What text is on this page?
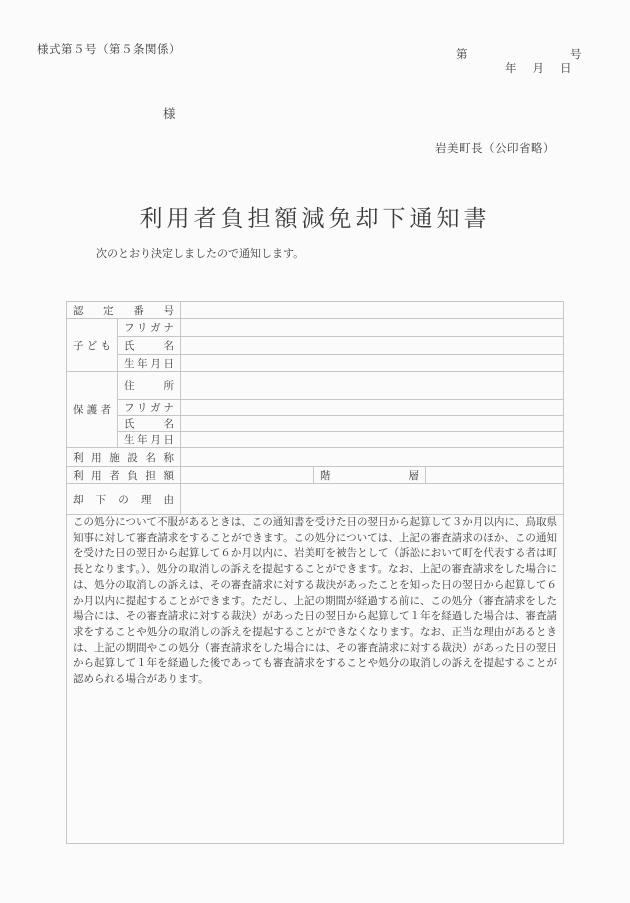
様式第５号（第５条関係）	第	号
年 月 日
様
岩美町長（公印省略）
利用者負担額減免却下通知書
次のとおり決定しましたので通知します。
認定番号				
子ども	フリガナ			
	氏名			
	生年月日			
保護者	住所			
	フリガナ			
	氏名			
	生年月日			
利用施設名称				
利用者負担額			階層	
却下の理由				
この処分について不服があるときは、この通知書を受けた日の翌日から起算して３か月以内に、鳥取県知事に対して審査請求をすることができます。この処分については、上記の審査請求のほか、この通知を受けた日の翌日から起算して６か月以内に、岩美町を被告として（訴訟において町を代表する者は町長となります。）、処分の取消しの訴えを提起することができます。なお、上記の審査請求をした場合には、処分の取消しの訴えは、その審査請求に対する裁決があったことを知った日の翌日から起算して６か月以内に提起することができます。ただし、上記の期間が経過する前に、この処分（審査請求をした場合には、その審査請求に対する裁決）があった日の翌日から起算して１年を経過した場合は、審査請求をすることや処分の取消しの訴えを提起することができなくなります。なお、正当な理由があるときは、上記の期間やこの処分（審査請求をした場合には、その審査請求に対する裁決）があった日の翌日から起算して１年を経過した後であっても審査請求をすることや処分の取消しの訴えを提起することが認められる場合があります。				
